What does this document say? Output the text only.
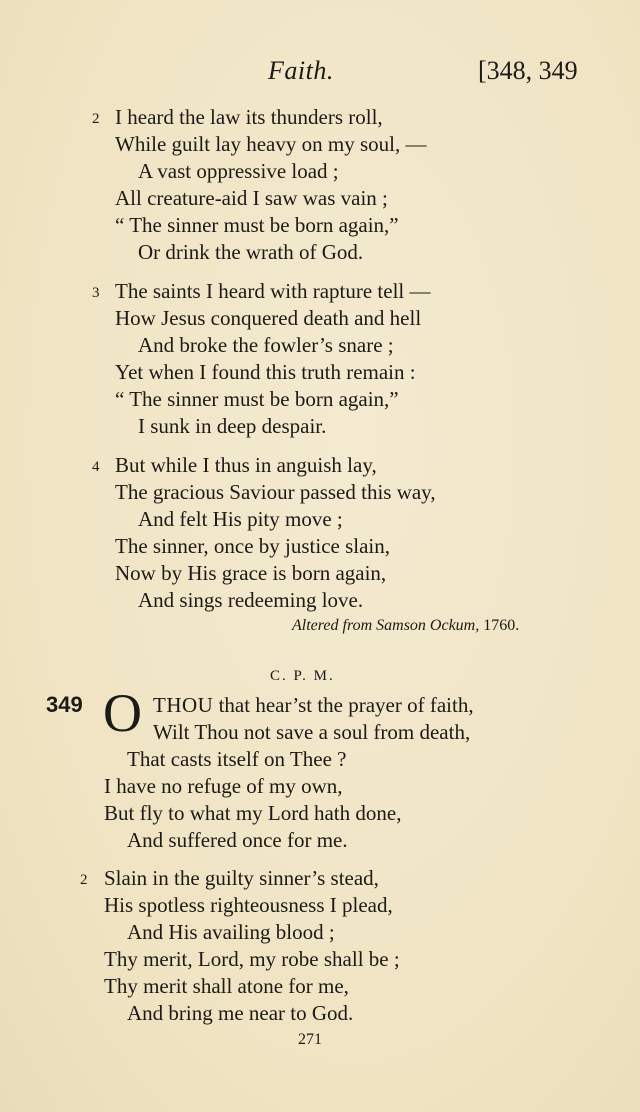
Faith.	[348, 349
2 I heard the law its thunders roll,
While guilt lay heavy on my soul, —
A vast oppressive load ;
All creature-aid I saw was vain ;
“ The sinner must be born again,”
Or drink the wrath of God.
3 The saints I heard with rapture tell —
How Jesus conquered death and hell
And broke the fowler’s snare ;
Yet when I found this truth remain :
“ The sinner must be born again,”
I sunk in deep despair.
4 But while I thus in anguish lay,
The gracious Saviour passed this way,
And felt His pity move ;
The sinner, once by justice slain,
Now by His grace is born again,
And sings redeeming love.
Altered from Samson Ockum, 1760.
C. P. M.
349 O THOU that hear’st the prayer of faith,
Wilt Thou not save a soul from death,
That casts itself on Thee ?
I have no refuge of my own,
But fly to what my Lord hath done,
And suffered once for me.
2 Slain in the guilty sinner’s stead,
His spotless righteousness I plead,
And His availing blood ;
Thy merit, Lord, my robe shall be ;
Thy merit shall atone for me,
And bring me near to God.
271
